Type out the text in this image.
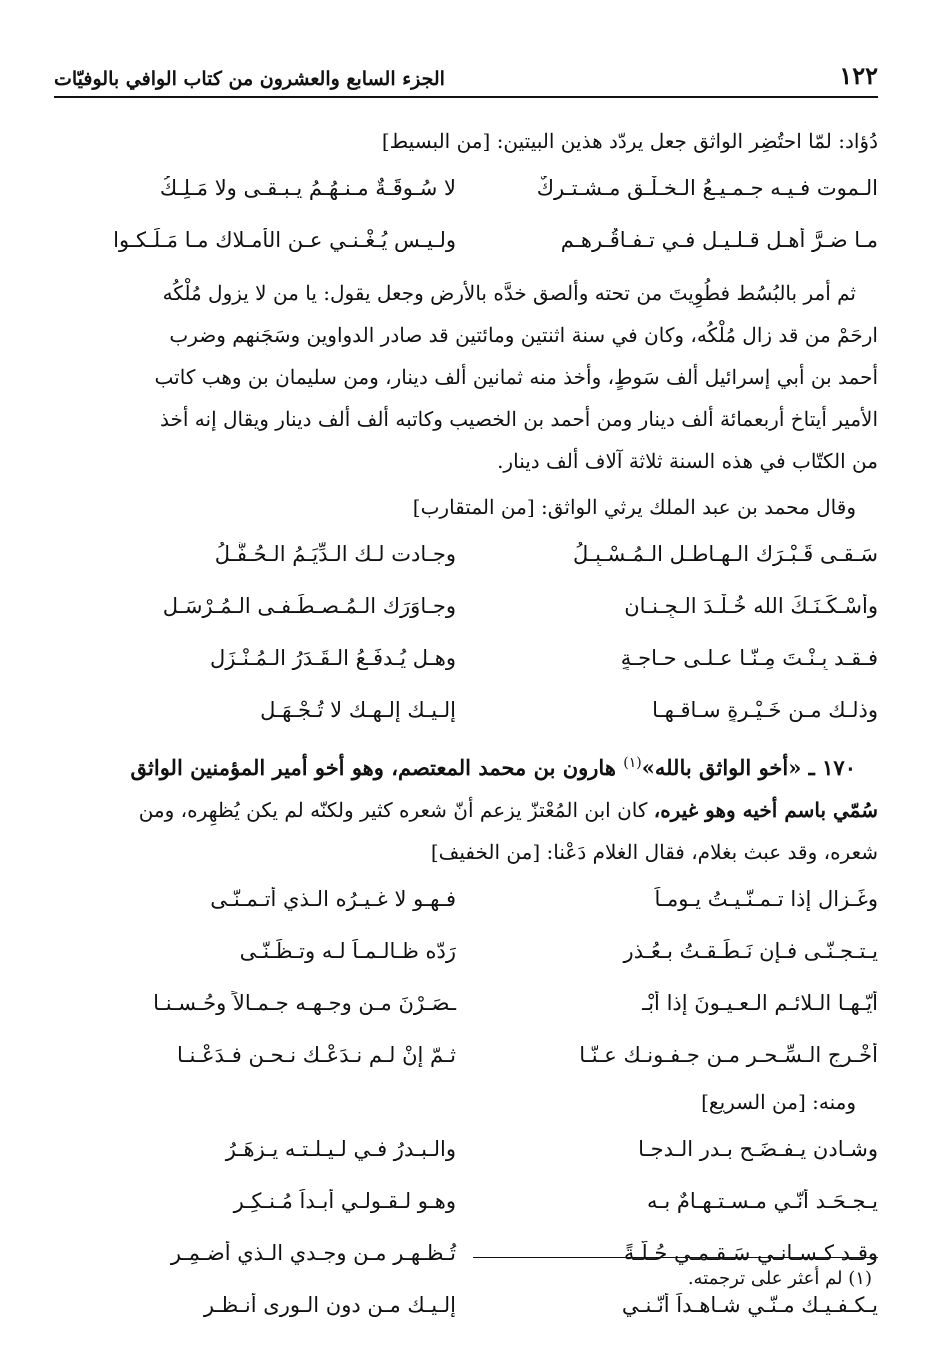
١٢٢
الجزء السابع والعشرون من كتاب الوافي بالوفيّات

دُؤاد: لمّا احتُضِر الواثق جعل يردّد هذين البيتين: [من البسيط]

الـموت فـيـه جـمـيـعُ الـخـلْـق مـشـتـرِكٌ
لا سُـوقَـةٌ مـنـهُـمُ يـبـقـى ولا مَـلِـكُ
مـا ضـرَّ أهـل قـلـيـل فـي تـفـاقُـرهـم
ولـيـس يُـغْـنـي عـن الأمـلاك مـا مَـلَـكـوا

ثم أمر بالبُسُط فطُوِيتَ من تحته وألصق خدَّه بالأرض وجعل يقول: يا من لا يزول مُلْكُه

ارحَمْ من قد زال مُلْكُه، وكان في سنة اثنتين ومائتين قد صادر الدواوين وسَجَنهم وضرب

أحمد بن أبي إسرائيل ألف سَوطٍ، وأخذ منه ثمانين ألف دينار، ومن سليمان بن وهب كاتب

الأمير أيتاخ أربعمائة ألف دينار ومن أحمد بن الخصيب وكاتبه ألف ألف دينار ويقال إنه أخذ

من الكتّاب في هذه السنة ثلاثة آلاف ألف دينار.

وقال محمد بن عبد الملك يرثي الواثق: [من المتقارب]

سَـقـى قَـبْـرَك الـهـاطـل الـمُـسْـبِـلُ
وجـادت لـك الـدِّيَـمُ الـحُـفَّـلُ
وأسْـكَـنَـكَ الله خُـلْـدَ الـجِـنـان
وجـاوَرَك الـمُـصـطَـفـى الـمُـرْسَـل
فـقـد بِـنْـتَ مِـنّـا عـلـى حـاجـةٍ
وهـل يُـدفَـعُ الـقَـدَرُ الـمُـنْـزَل
وذلـك مـن خَـيْـرةٍ سـاقـهـا
إلـيـك إلـهـك لا تُـجْـهَـل

١٧٠ ـ «أخو الواثق بالله»$^{(١)}$ هارون بن محمد المعتصم، وهو أخو أمير المؤمنين الواثق

سُمّي باسم أخيه وهو غيره، كان ابن المُعْتزّ يزعم أنّ شعره كثير ولكنّه لم يكن يُظهِره، ومن

شعره، وقد عبث بغلام، فقال الغلام دَعْنا: [من الخفيف]

وغَـزالٍ إذا تـمـنّـيـتُ يـومـاً
فـهـو لا غـيـرُه الـذي أتـمـنّـى
يـتـجـنّـى فـإن نَـطَـقـتُ بـعُـذرٍ
رَدّه ظـالـمـاً لـه وتـظَـنّـى
أيّـهـا الـلائـم الـعـيـونَ إذا أبْـ
ـصَـرْنَ مـن وجـهـه جـمـالاً وحُـسـنـا
أَخْـرِجِ الـسِّـحـر مـن جـفـونـك عـنّـا
ثـمّ إنْ لـم نـدَعْـك نـحـن فـدَعْـنـا

ومنه: [من السريع]

وشـادنٍ يـفـضَـح بـدر الـدجـا
والـبـدرُ فـي لـيـلـتـه يـزهَـرُ
يـجـحَـد أنّـي مـسـتـهـامٌ بـه
وهـو لـقـولـي أبـداً مُـنـكِـر
وقـد كـسـانـي سَـقـمـي حُـلّـةً
تُـظـهِـر مـن وجـدي الـذي أضـمِـر
يـكـفـيـك مـنّـي شـاهـداً أنّـنـي
إلـيـك مـن دون الـورى أنـظـر
(١) لم أعثر على ترجمته.
